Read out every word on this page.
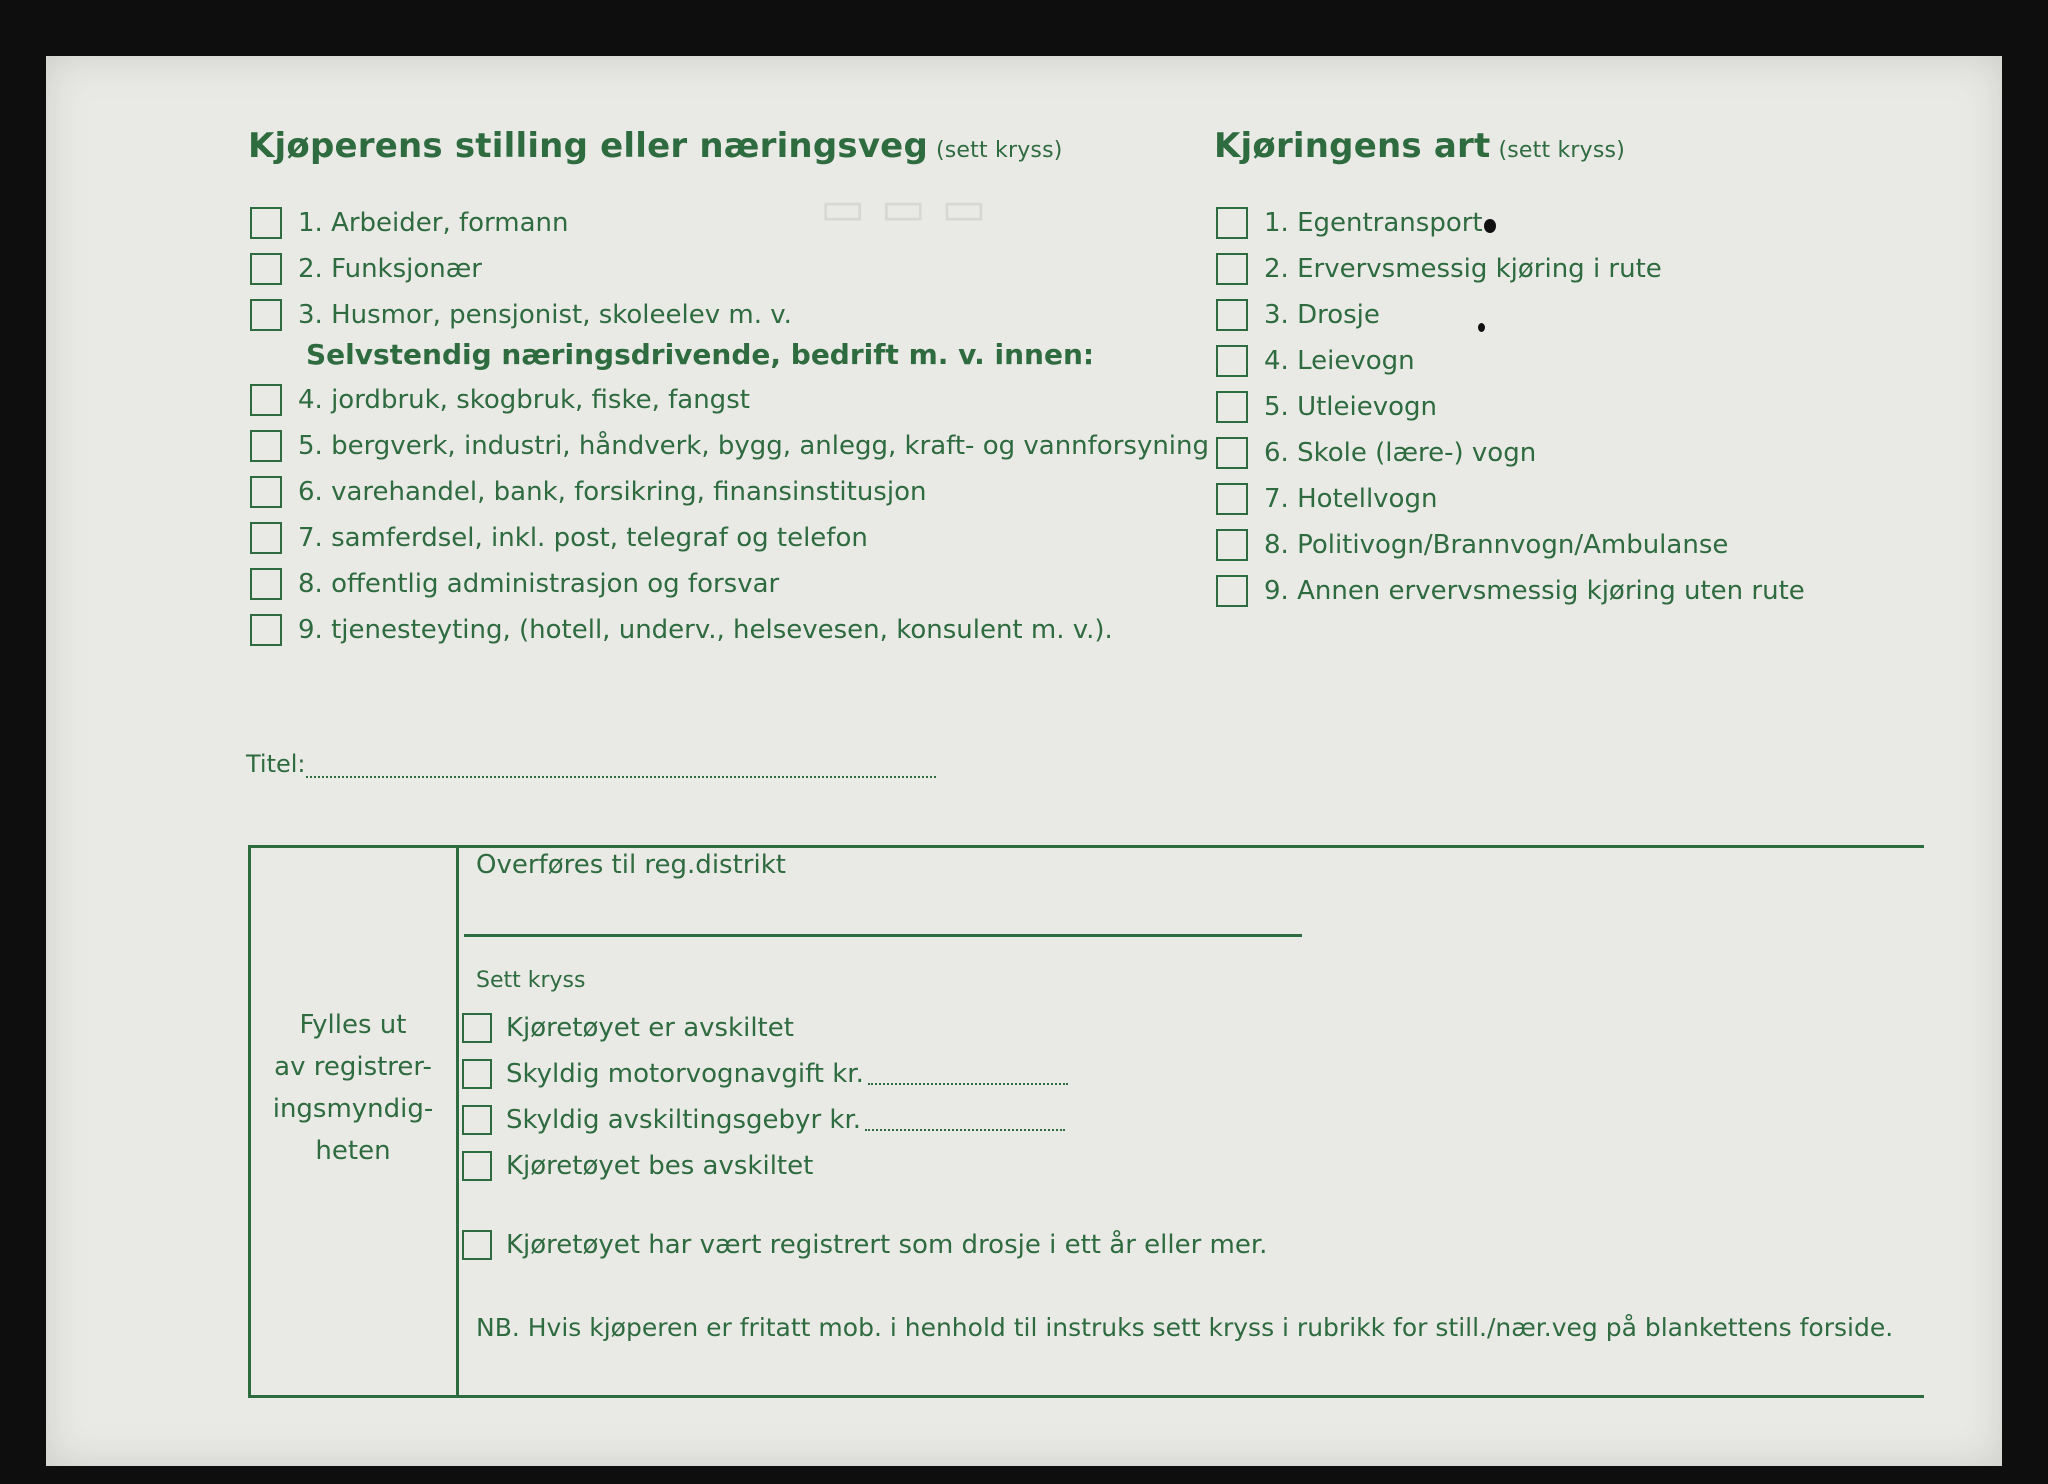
▭ ▭ ▭
Kjøperens stilling eller næringsveg (sett kryss)
1. Arbeider, formann
2. Funksjonær
3. Husmor, pensjonist, skoleelev m. v.
Selvstendig næringsdrivende, bedrift m. v. innen:
4. jordbruk, skogbruk, fiske, fangst
5. bergverk, industri, håndverk, bygg, anlegg, kraft- og vannforsyning
6. varehandel, bank, forsikring, finansinstitusjon
7. samferdsel, inkl. post, telegraf og telefon
8. offentlig administrasjon og forsvar
9. tjenesteyting, (hotell, underv., helsevesen, konsulent m. v.).
Kjøringens art (sett kryss)
1. Egentransport
2. Ervervsmessig kjøring i rute
3. Drosje
4. Leievogn
5. Utleievogn
6. Skole (lære-) vogn
7. Hotellvogn
8. Politivogn/Brannvogn/Ambulanse
9. Annen ervervsmessig kjøring uten rute
Titel:
Fylles ut
av registrer-
ingsmyndig-
heten
Overføres til reg.distrikt
Sett kryss
Kjøretøyet er avskiltet
Skyldig motorvognavgift kr.
Skyldig avskiltingsgebyr kr.
Kjøretøyet bes avskiltet
Kjøretøyet har vært registrert som drosje i ett år eller mer.
NB. Hvis kjøperen er fritatt mob. i henhold til instruks sett kryss i rubrikk for still./nær.veg på blankettens forside.
